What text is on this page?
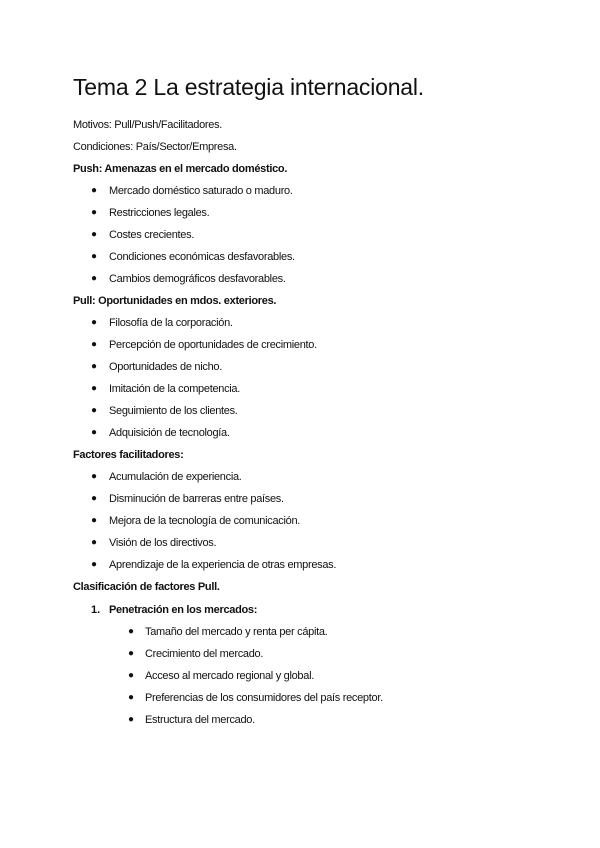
Tema 2 La estrategia internacional.
Motivos: Pull/Push/Facilitadores.
Condiciones: País/Sector/Empresa.
Push: Amenazas en el mercado doméstico.
● Mercado doméstico saturado o maduro.
● Restricciones legales.
● Costes crecientes.
● Condiciones económicas desfavorables.
● Cambios demográficos desfavorables.
Pull: Oportunidades en mdos. exteriores.
● Filosofía de la corporación.
● Percepción de oportunidades de crecimiento.
● Oportunidades de nicho.
● Imitación de la competencia.
● Seguimiento de los clientes.
● Adquisición de tecnología.
Factores facilitadores:
● Acumulación de experiencia.
● Disminución de barreras entre países.
● Mejora de la tecnología de comunicación.
● Visión de los directivos.
● Aprendizaje de la experiencia de otras empresas.
Clasificación de factores Pull.
1. Penetración en los mercados:
● Tamaño del mercado y renta per cápita.
● Crecimiento del mercado.
● Acceso al mercado regional y global.
● Preferencias de los consumidores del país receptor.
● Estructura del mercado.
